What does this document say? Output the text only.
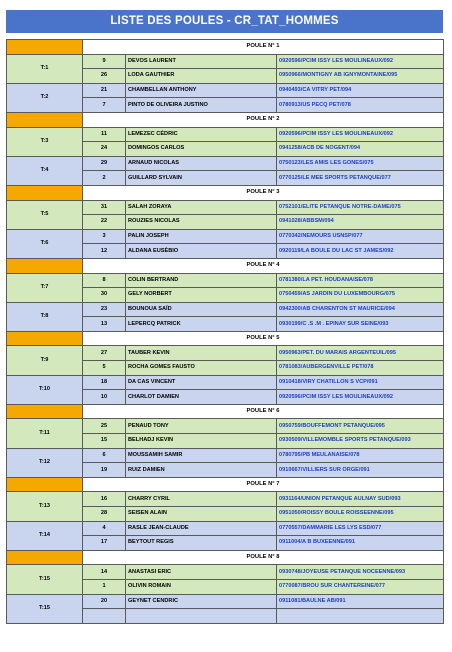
LISTE DES POULES - CR_TAT_HOMMES
	POULE N° 1		
T:1	9	DEVOS LAURENT	0920596/PCIM ISSY LES MOULINEAUX/092
	26	LODA GAUTHIER	0950966/MONTIGNY AB IGNYMONTAINE/095
T:2	21	CHAMBELLAN ANTHONY	0940493/CA VITRY PET/094
	7	PINTO DE OLIVEIRA JUSTINO	0780913/US PECQ PET/078
	POULE N° 2		
T:3	11	LEMEZEC CÉDRIC	0920596/PCIM ISSY LES MOULINEAUX/092
	24	DOMINGOS CARLOS	0941258/ACB DE NOGENT/094
T:4	29	ARNAUD NICOLAS	0750123/LES AMIS LES GONES/075
	2	GUILLARD SYLVAIN	0770125/LE MEE SPORTS PETANQUE/077
	POULE N° 3		
T:5	31	SALAH ZORAYA	0752101/ELITE PETANQUE NOTRE-DAME/075
	22	ROUZIES NICOLAS	0941028/ABBSM/094
T:6	3	PALIN JOSEPH	0770342/NEMOURS USNSP/077
	12	ALDANA EUSÈBIO	0920119/LA BOULE DU LAC ST JAMES/092
	POULE N° 4		
T:7	8	COLIN BERTRAND	0781380/LA PET. HOUDANAISE/078
	30	GELY NORBERT	0750459/AS JARDIN DU LUXEMBOURG/075
T:8	23	BOUNOUA SAÏD	0942300/AB CHARENTON ST MAURICE/094
	13	LEPERCQ PATRICK	0930199/C .S .M . EPINAY SUR SEINE/093
	POULE N° 5		
T:9	27	TAUBER KEVIN	0950963/PET. DU MARAIS ARGENTEUIL/095
	5	ROCHA GOMES FAUSTO	0781083/AUBERGENVILLE PET/078
T:10	18	DA CAS VINCENT	0910418/VIRY CHATILLON S VCP/091
	10	CHARLOT DAMIEN	0920596/PCIM ISSY LES MOULINEAUX/092
	POULE N° 6		
T:11	25	PENAUD TONY	0950759/BOUFFEMONT PETANQUE/095
	15	BELHADJ KEVIN	0930509/VILLEMOMBLE SPORTS PETANQUE/093
T:12	6	MOUSSAMIH SAMIR	0780795/PB MEULANAISE/078
	19	RUIZ DAMIEN	0910667/VILLIERS SUR ORGE/091
	POULE N° 7		
T:13	16	CHARRY CYRIL	0931164/UNION PETANQUE AULNAY SUD/093
	28	SEISEN ALAIN	0951050/ROISSY BOULE ROISSEENNE/095
T:14	4	RASLE JEAN-CLAUDE	0770557/DAMMARIE LES LYS ESD/077
	17	BEYTOUT REGIS	0911004/A B BUXEENNE/091
	POULE N° 8		
T:15	14	ANASTASI ERIC	0930748/JOYEUSE PETANQUE NOCEENNE/093
	1	OLIVIN ROMAIN	0770087/BROU SUR CHANTEREINE/077
T:15	20	GEYNET CENDRIC	0911081/BAULNE AB/091
